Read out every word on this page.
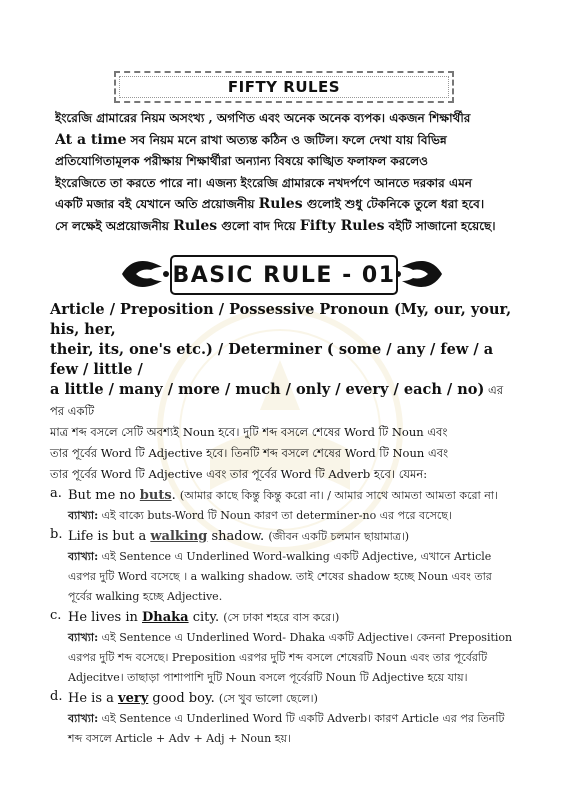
FIFTY RULES
ইংরেজি গ্রামারের নিয়ম অসংখ্য , অগণিত এবং অনেক অনেক ব্যপক। একজন শিক্ষার্থীর
At a time সব নিয়ম মনে রাখা অত্যন্ত কঠিন ও জটিল। ফলে দেখা যায় বিভিন্ন
প্রতিযোগিতামূলক পরীক্ষায় শিক্ষার্থীরা অন্যান্য বিষয়ে কাঙ্খিত ফলাফল করলেও
ইংরেজিতে তা করতে পারে না। এজন্য ইংরেজি গ্রামারকে নখদর্পণে আনতে দরকার এমন
একটি মজার বই যেখানে অতি প্রয়োজনীয় Rules গুলোই শুধু টেকনিকে তুলে ধরা হবে।
সে লক্ষেই অপ্রয়োজনীয় Rules গুলো বাদ দিয়ে Fifty Rules বইটি সাজানো হয়েছে।
BASIC RULE - 01

Article / Preposition / Possessive Pronoun (My, our, your, his, her,

their, its, one's etc.) / Determiner ( some / any / few / a few / little /

a little / many / more / much / only / every / each / no) এর পর একটি

মাত্র শব্দ বসলে সেটি অবশ্যই Noun হবে। দুটি শব্দ বসলে শেষের Word টি Noun এবং

তার পূর্বের Word টি Adjective হবে। তিনটি শব্দ বসলে শেষের Word টি Noun এবং

তার পূর্বের Word টি Adjective এবং তার পূর্বের Word টি Adverb হবে। যেমন:

a. But me no buts. (আমার কাছে কিন্তু কিন্তু করো না। / আমার সাথে আমতা আমতা করো না।
ব্যাখ্যা: এই বাক্যে buts-Word টি Noun কারণ তা determiner-no এর পরে বসেছে।
b. Life is but a walking shadow. (জীবন একটি চলমান ছায়ামাত্র।)
ব্যাখ্যা: এই Sentence এ Underlined Word-walking একটি Adjective, এখানে Article এরপর দুটি Word বসেছে । a walking shadow. তাই শেষের shadow হচ্ছে Noun এবং তার পূর্বের walking হচ্ছে Adjective.
c. He lives in Dhaka city. (সে ঢাকা শহরে বাস করে।)
ব্যাখ্যা: এই Sentence এ Underlined Word- Dhaka একটি Adjective। কেননা Preposition এরপর দুটি শব্দ বসেছে। Preposition এরপর দুটি শব্দ বসলে শেষেরটি Noun এবং তার পূর্বেরটি Adjecitve। তাছাড়া পাশাপাশি দুটি Noun বসলে পূর্বেরটি Noun টি Adjective হয়ে যায়।
d. He is a very good boy. (সে খুব ভালো ছেলে।)
ব্যাখ্যা: এই Sentence এ Underlined Word টি একটি Adverb। কারণ Article এর পর তিনটি শব্দ বসলে Article + Adv + Adj + Noun হয়।
